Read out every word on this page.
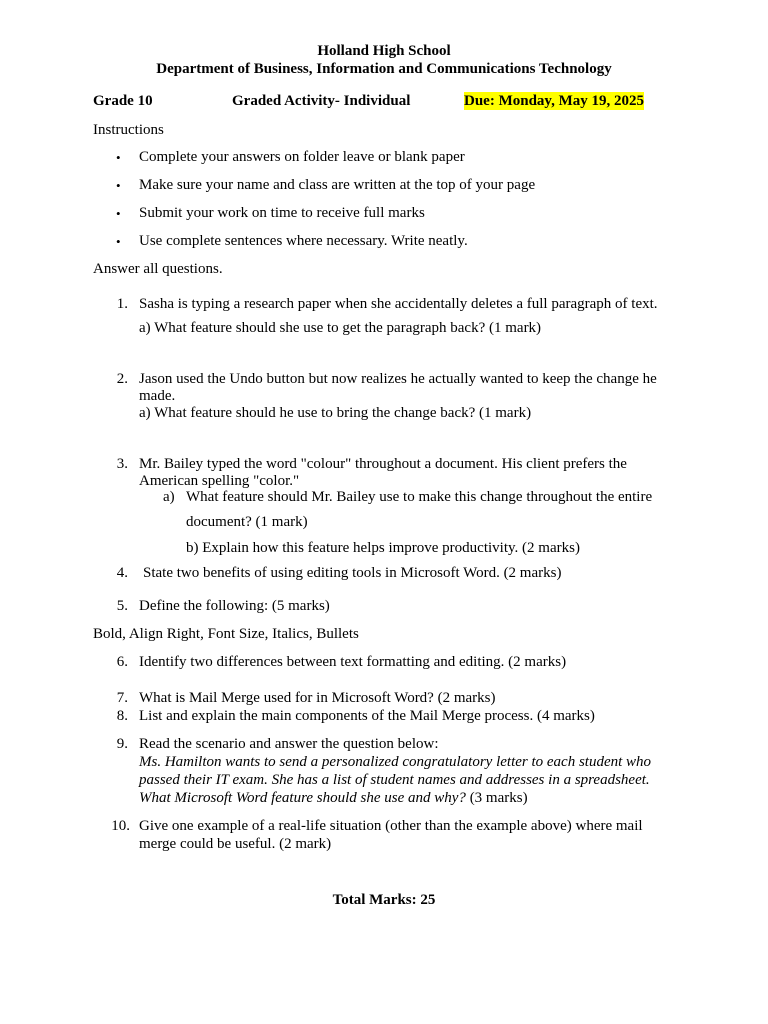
Holland High School
Department of Business, Information and Communications Technology
Grade 10	Graded Activity- Individual	Due: Monday, May 19, 2025
Instructions
• Complete your answers on folder leave or blank paper
• Make sure your name and class are written at the top of your page
• Submit your work on time to receive full marks
• Use complete sentences where necessary. Write neatly.
Answer all questions.
1. Sasha is typing a research paper when she accidentally deletes a full paragraph of text.
a) What feature should she use to get the paragraph back? (1 mark)
2. Jason used the Undo button but now realizes he actually wanted to keep the change he
made.
a) What feature should he use to bring the change back? (1 mark)
3. Mr. Bailey typed the word "colour" throughout a document. His client prefers the
American spelling "color."
a) What feature should Mr. Bailey use to make this change throughout the entire
document? (1 mark)
b) Explain how this feature helps improve productivity. (2 marks)
4. State two benefits of using editing tools in Microsoft Word. (2 marks)
5. Define the following: (5 marks)
Bold, Align Right, Font Size, Italics, Bullets
6. Identify two differences between text formatting and editing. (2 marks)
7. What is Mail Merge used for in Microsoft Word? (2 marks)
8. List and explain the main components of the Mail Merge process. (4 marks)
9. Read the scenario and answer the question below:
Ms. Hamilton wants to send a personalized congratulatory letter to each student who
passed their IT exam. She has a list of student names and addresses in a spreadsheet.
What Microsoft Word feature should she use and why? (3 marks)
10. Give one example of a real-life situation (other than the example above) where mail
merge could be useful. (2 mark)
Total Marks: 25
